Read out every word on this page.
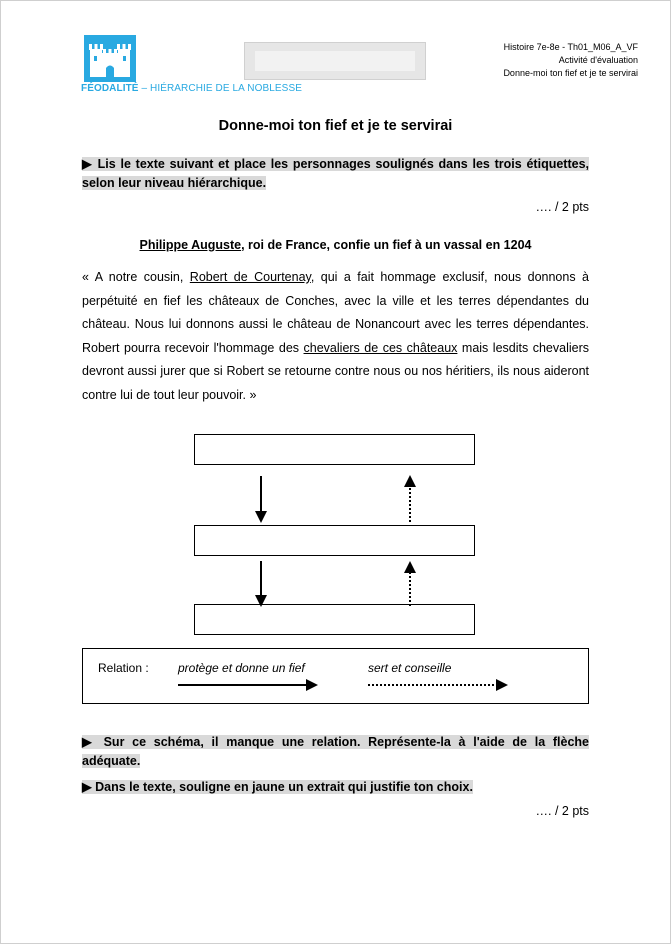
FÉODALITÉ – HIÉRARCHIE DE LA NOBLESSE
Histoire 7e-8e - Th01_M06_A_VF
Activité d'évaluation
Donne-moi ton fief et je te servirai
Donne-moi ton fief et je te servirai
▶ Lis le texte suivant et place les personnages soulignés dans les trois étiquettes, selon leur niveau hiérarchique.
…. / 2 pts
Philippe Auguste, roi de France, confie un fief à un vassal en 1204
« A notre cousin, Robert de Courtenay, qui a fait hommage exclusif, nous donnons à perpétuité en fief les châteaux de Conches, avec la ville et les terres dépendantes du château. Nous lui donnons aussi le château de Nonancourt avec les terres dépendantes. Robert pourra recevoir l'hommage des chevaliers de ces châteaux mais lesdits chevaliers devront aussi jurer que si Robert se retourne contre nous ou nos héritiers, ils nous aideront contre lui de tout leur pouvoir. »
Relation : protège et donne un fief	sert et conseille
▶ Sur ce schéma, il manque une relation. Représente-la à l'aide de la flèche adéquate.
▶ Dans le texte, souligne en jaune un extrait qui justifie ton choix.
…. / 2 pts
